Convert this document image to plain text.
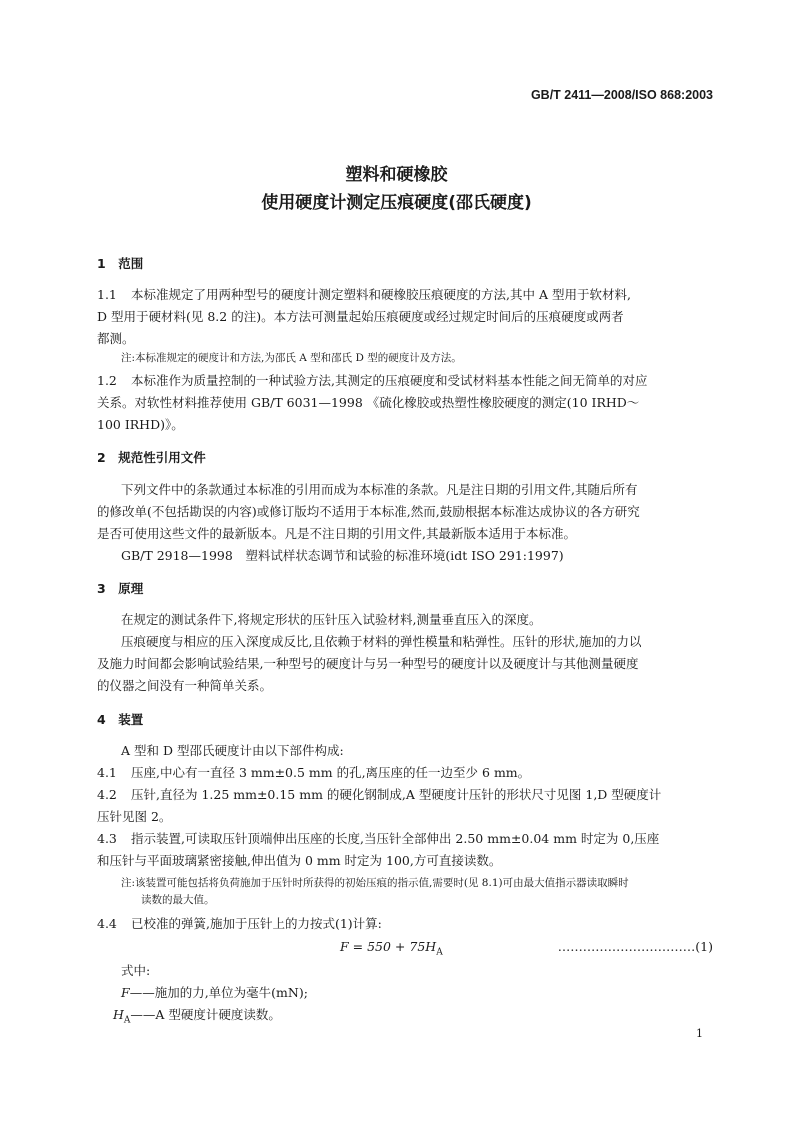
GB/T 2411—2008/ISO 868:2003
塑料和硬橡胶
使用硬度计测定压痕硬度(邵氏硬度)
1　范围
1.1 本标准规定了用两种型号的硬度计测定塑料和硬橡胶压痕硬度的方法,其中 A 型用于软材料,
D 型用于硬材料(见 8.2 的注)。本方法可测量起始压痕硬度或经过规定时间后的压痕硬度或两者
都测。
注:本标准规定的硬度计和方法,为邵氏 A 型和邵氏 D 型的硬度计及方法。
1.2 本标准作为质量控制的一种试验方法,其测定的压痕硬度和受试材料基本性能之间无简单的对应
关系。对软性材料推荐使用 GB/T 6031—1998 《硫化橡胶或热塑性橡胶硬度的测定(10 IRHD～
100 IRHD)》。
2　规范性引用文件
下列文件中的条款通过本标准的引用而成为本标准的条款。凡是注日期的引用文件,其随后所有
的修改单(不包括勘误的内容)或修订版均不适用于本标准,然而,鼓励根据本标准达成协议的各方研究
是否可使用这些文件的最新版本。凡是不注日期的引用文件,其最新版本适用于本标准。
GB/T 2918—1998　塑料试样状态调节和试验的标准环境(idt ISO 291:1997)
3　原理
在规定的测试条件下,将规定形状的压针压入试验材料,测量垂直压入的深度。
压痕硬度与相应的压入深度成反比,且依赖于材料的弹性模量和粘弹性。压针的形状,施加的力以
及施力时间都会影响试验结果,一种型号的硬度计与另一种型号的硬度计以及硬度计与其他测量硬度
的仪器之间没有一种简单关系。
4　装置
A 型和 D 型邵氏硬度计由以下部件构成:
4.1 压座,中心有一直径 3 mm±0.5 mm 的孔,离压座的任一边至少 6 mm。
4.2 压针,直径为 1.25 mm±0.15 mm 的硬化钢制成,A 型硬度计压针的形状尺寸见图 1,D 型硬度计
压针见图 2。
4.3 指示装置,可读取压针顶端伸出压座的长度,当压针全部伸出 2.50 mm±0.04 mm 时定为 0,压座
和压针与平面玻璃紧密接触,伸出值为 0 mm 时定为 100,方可直接读数。
注:该装置可能包括将负荷施加于压针时所获得的初始压痕的指示值,需要时(见 8.1)可由最大值指示器读取瞬时
读数的最大值。
4.4 已校准的弹簧,施加于压针上的力按式(1)计算:
$F = 550 + 75H_A$	……………………………(1)
式中:
F——施加的力,单位为毫牛(mN);
$H_A——A$ 型硬度计硬度读数。
1
